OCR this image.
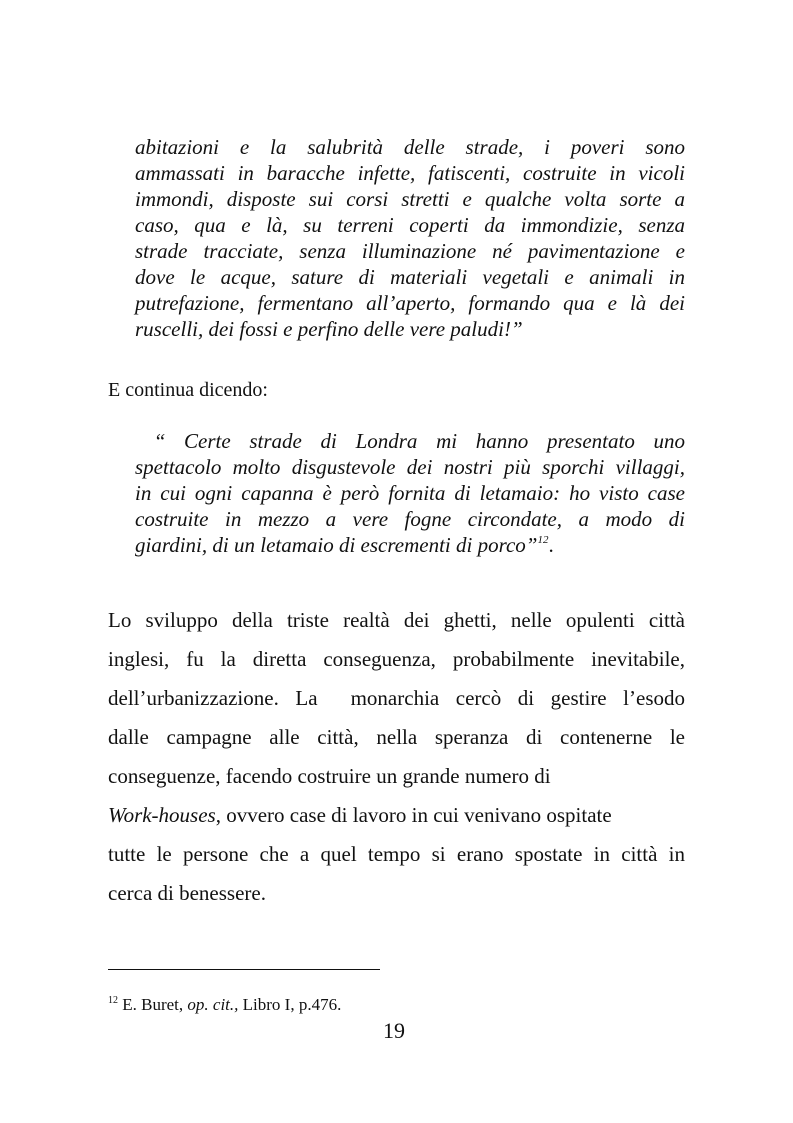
abitazioni e la salubrità delle strade, i poveri sono
ammassati in baracche infette, fatiscenti, costruite in vicoli
immondi, disposte sui corsi stretti e qualche volta sorte a
caso, qua e là, su terreni coperti da immondizie, senza
strade tracciate, senza illuminazione né pavimentazione e
dove le acque, sature di materiali vegetali e animali in
putrefazione, fermentano all’aperto, formando qua e là dei
ruscelli, dei fossi e perfino delle vere paludi!”
E continua dicendo:
“ Certe strade di Londra mi hanno presentato uno
spettacolo molto disgustevole dei nostri più sporchi villaggi,
in cui ogni capanna è però fornita di letamaio: ho visto case
costruite in mezzo a vere fogne circondate, a modo di
giardini, di un letamaio di escrementi di porco”$^{12}$.
Lo sviluppo della triste realtà dei ghetti, nelle opulenti città
inglesi, fu la diretta conseguenza, probabilmente inevitabile,
dell’urbanizzazione. La  monarchia cercò di gestire l’esodo
dalle campagne alle città, nella speranza di contenerne le
conseguenze, facendo costruire un grande numero di
Work-houses, ovvero case di lavoro in cui venivano ospitate
tutte le persone che a quel tempo si erano spostate in città in
cerca di benessere.
$^{12}$ E. Buret, op. cit., Libro I, p.476.
19
